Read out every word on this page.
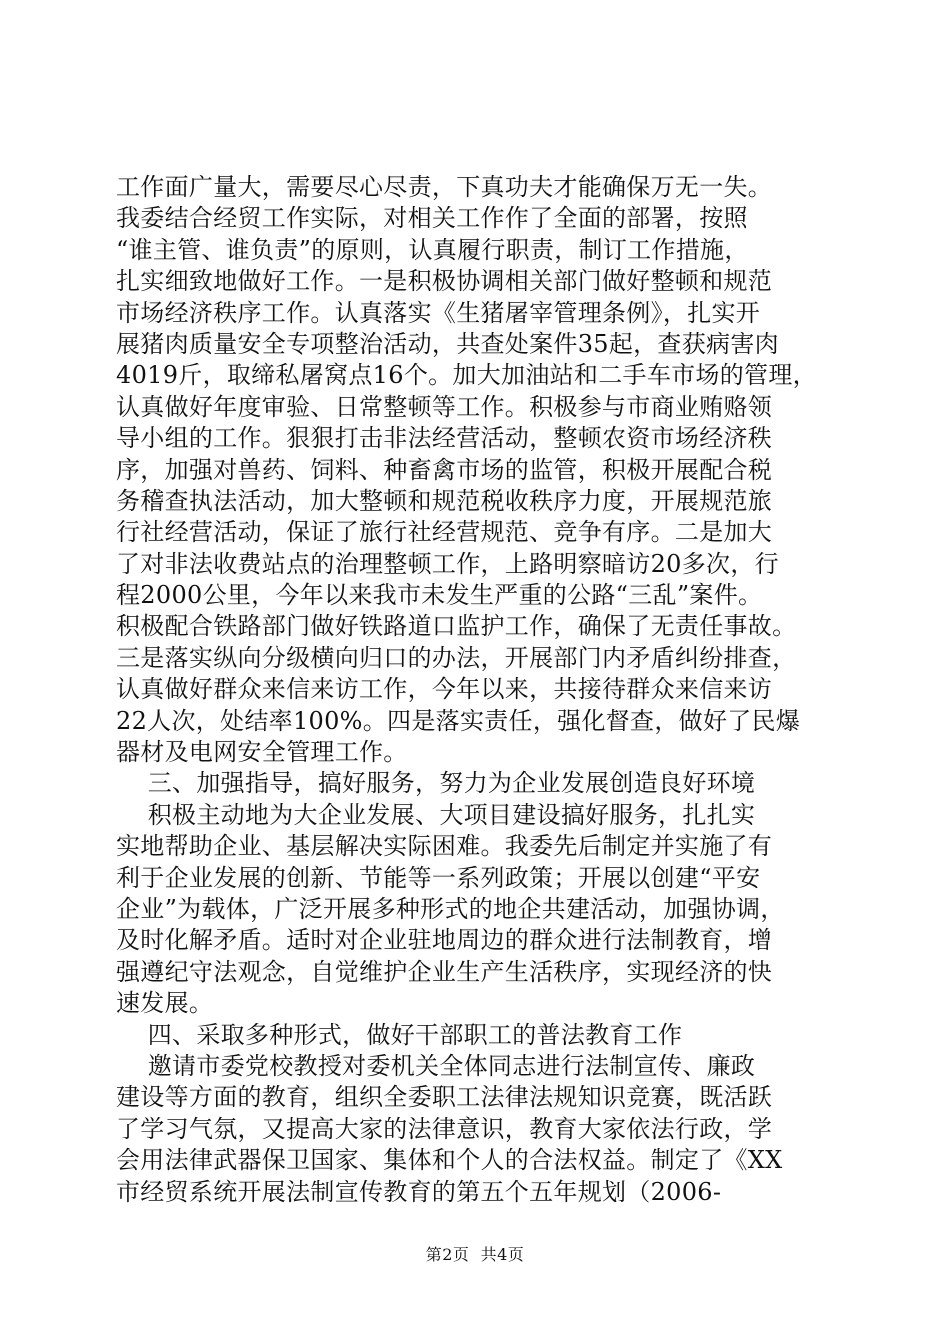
工作面广量大，需要尽心尽责，下真功夫才能确保万无一失。
我委结合经贸工作实际，对相关工作作了全面的部署，按照
“谁主管、谁负责”的原则，认真履行职责，制订工作措施，
扎实细致地做好工作。一是积极协调相关部门做好整顿和规范
市场经济秩序工作。认真落实《生猪屠宰管理条例》，扎实开
展猪肉质量安全专项整治活动，共查处案件35起，查获病害肉
4019斤，取缔私屠窝点16个。加大加油站和二手车市场的管理，
认真做好年度审验、日常整顿等工作。积极参与市商业贿赂领
导小组的工作。狠狠打击非法经营活动，整顿农资市场经济秩
序，加强对兽药、饲料、种畜禽市场的监管，积极开展配合税
务稽查执法活动，加大整顿和规范税收秩序力度，开展规范旅
行社经营活动，保证了旅行社经营规范、竞争有序。二是加大
了对非法收费站点的治理整顿工作，上路明察暗访20多次，行
程2000公里，今年以来我市未发生严重的公路“三乱”案件。
积极配合铁路部门做好铁路道口监护工作，确保了无责任事故。
三是落实纵向分级横向归口的办法，开展部门内矛盾纠纷排查，
认真做好群众来信来访工作，今年以来，共接待群众来信来访
22人次，处结率100%。四是落实责任，强化督查，做好了民爆
器材及电网安全管理工作。
三、加强指导，搞好服务，努力为企业发展创造良好环境
积极主动地为大企业发展、大项目建设搞好服务，扎扎实
实地帮助企业、基层解决实际困难。我委先后制定并实施了有
利于企业发展的创新、节能等一系列政策；开展以创建“平安
企业”为载体，广泛开展多种形式的地企共建活动，加强协调，
及时化解矛盾。适时对企业驻地周边的群众进行法制教育，增
强遵纪守法观念，自觉维护企业生产生活秩序，实现经济的快
速发展。
四、采取多种形式，做好干部职工的普法教育工作
邀请市委党校教授对委机关全体同志进行法制宣传、廉政
建设等方面的教育，组织全委职工法律法规知识竞赛，既活跃
了学习气氛，又提高大家的法律意识，教育大家依法行政，学
会用法律武器保卫国家、集体和个人的合法权益。制定了《XX
市经贸系统开展法制宣传教育的第五个五年规划（2006-
第2页  共4页
